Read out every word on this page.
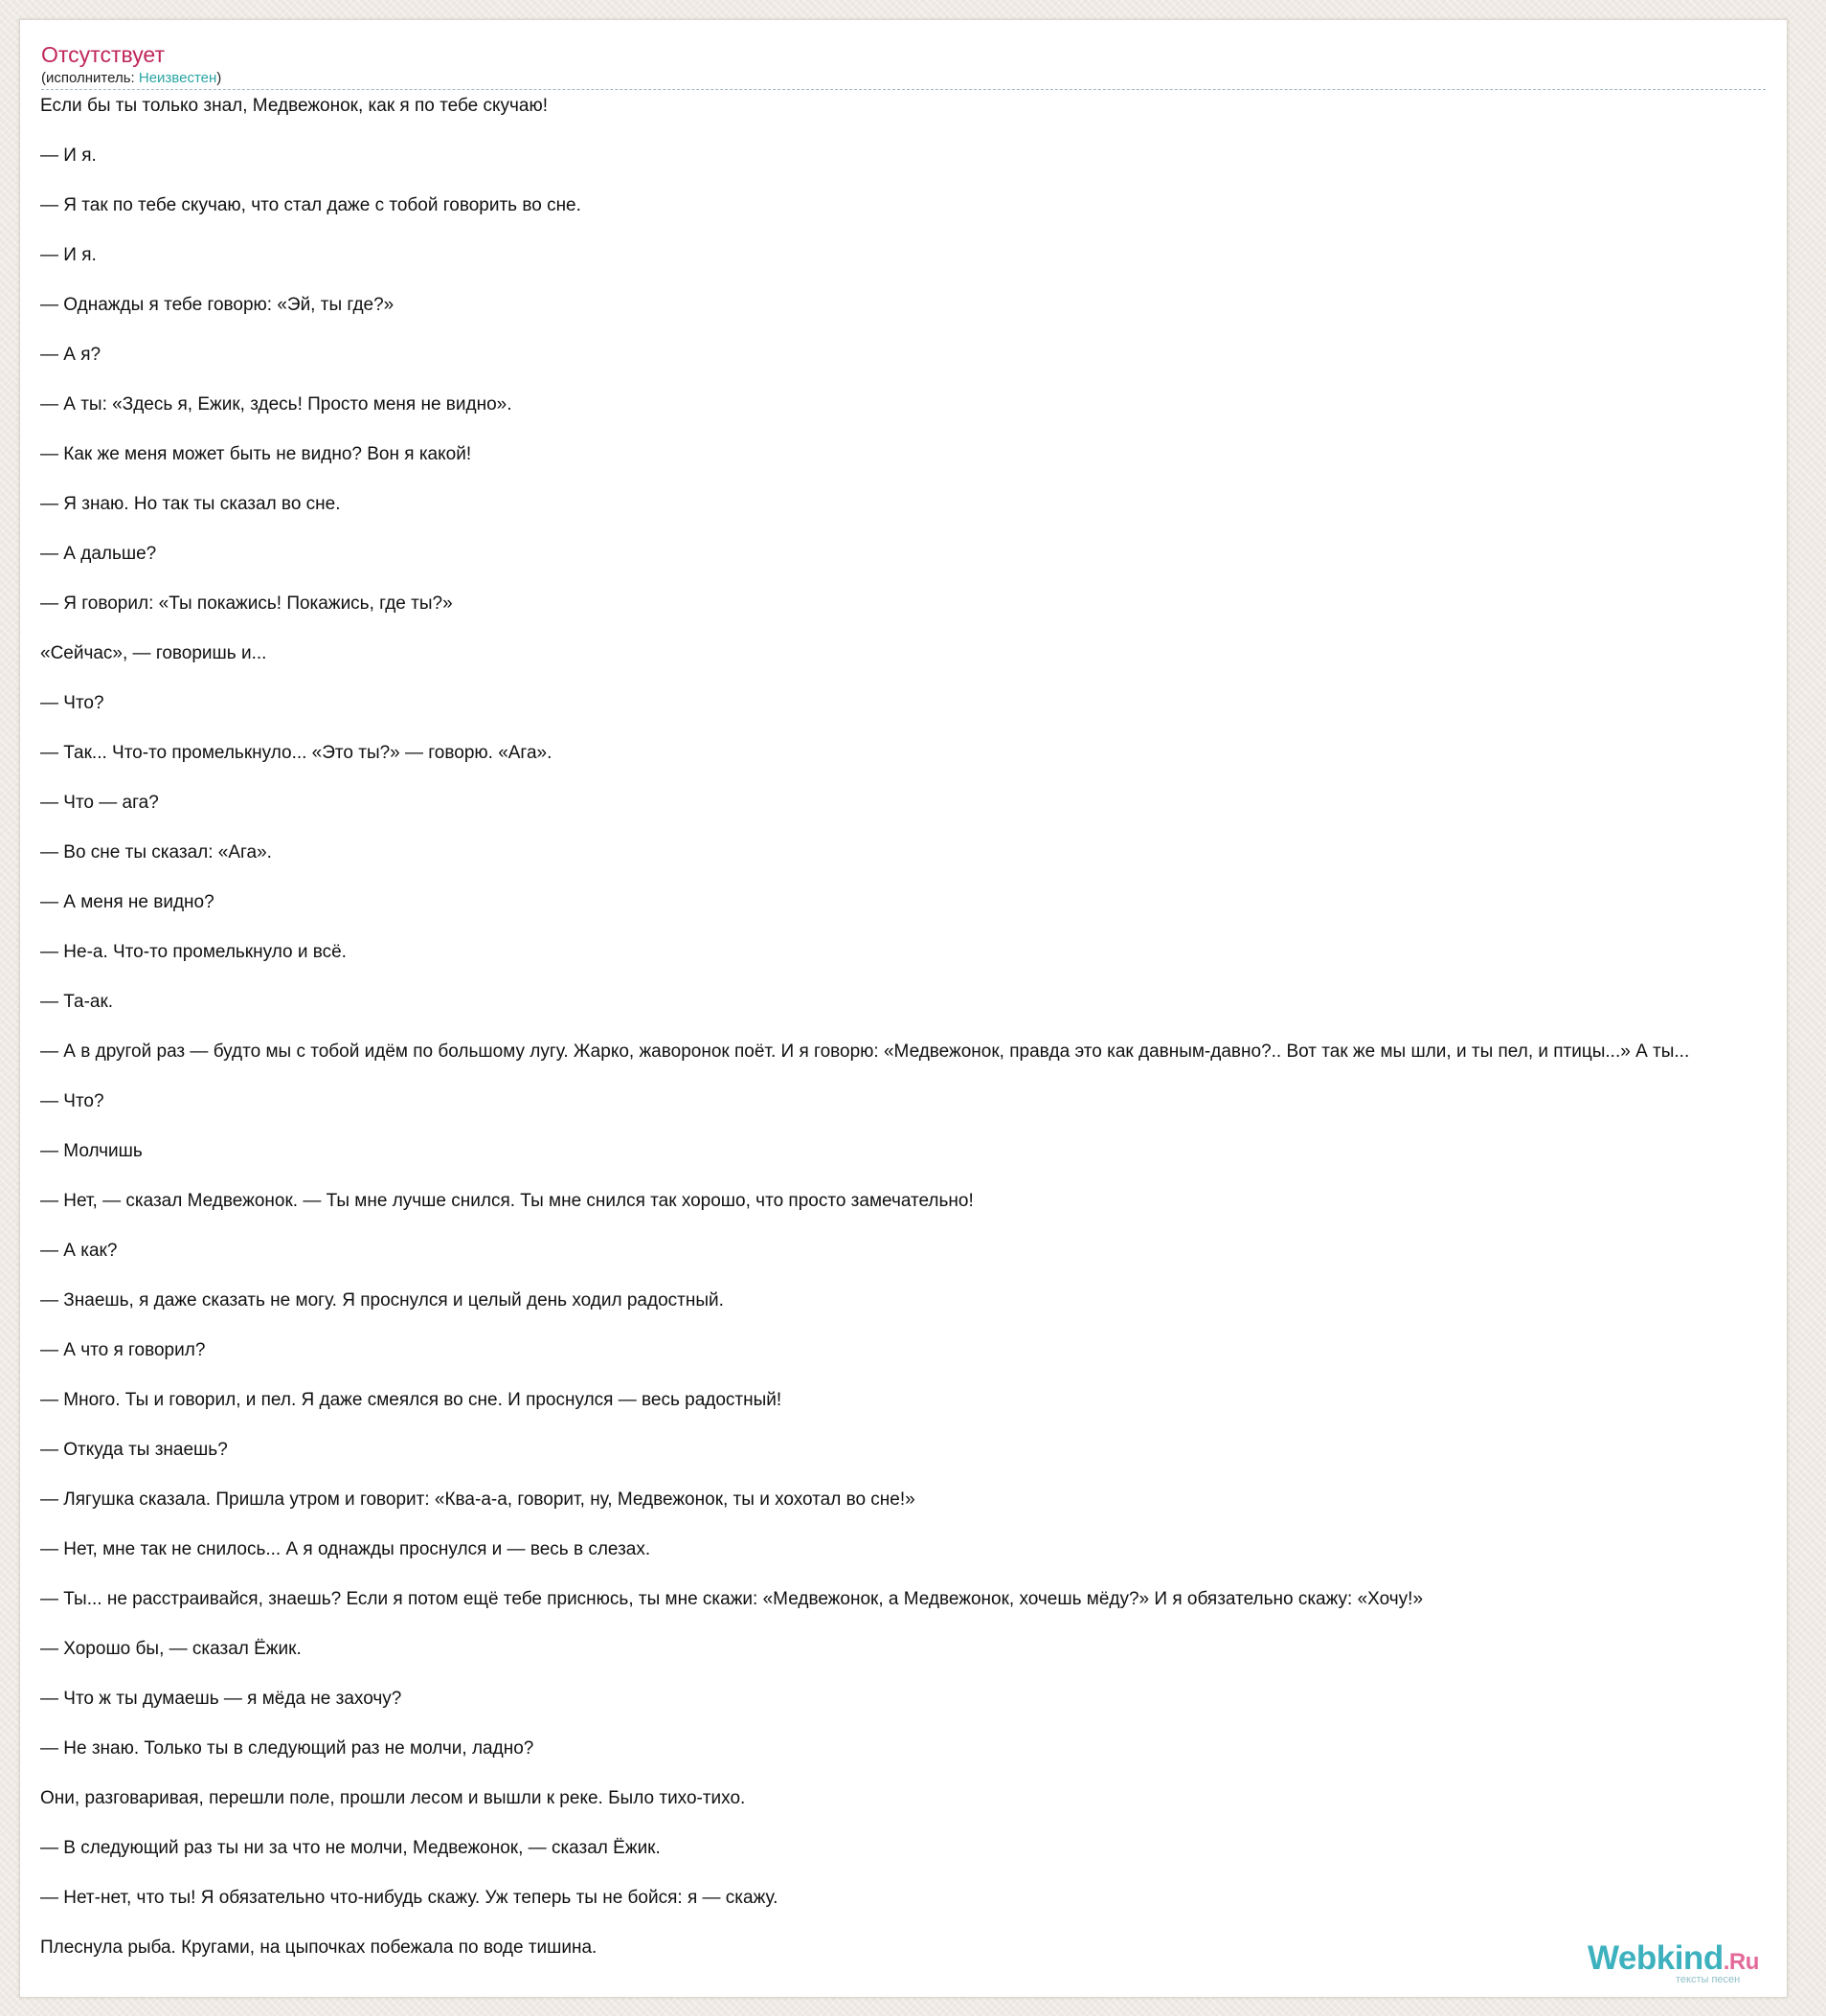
Отсутствует
(исполнитель: Неизвестен)
Если бы ты только знал, Медвежонок, как я по тебе скучаю!
— И я.
— Я так по тебе скучаю, что стал даже с тобой говорить во сне.
— И я.
— Однажды я тебе говорю: «Эй, ты где?»
— А я?
— А ты: «Здесь я, Ежик, здесь! Просто меня не видно».
— Как же меня может быть не видно? Вон я какой!
— Я знаю. Но так ты сказал во сне.
— А дальше?
— Я говорил: «Ты покажись! Покажись, где ты?»
«Сейчас», — говоришь и...
— Что?
— Так... Что-то промелькнуло... «Это ты?» — говорю. «Ага».
— Что — ага?
— Во сне ты сказал: «Ага».
— А меня не видно?
— Не-а. Что-то промелькнуло и всё.
— Та-ак.
— А в другой раз — будто мы с тобой идём по большому лугу. Жарко, жаворонок поёт. И я говорю: «Медвежонок, правда это как давным-давно?.. Вот так же мы шли, и ты пел, и птицы...» А ты...
— Что?
— Молчишь
— Нет, — сказал Медвежонок. — Ты мне лучше снился. Ты мне снился так хорошо, что просто замечательно!
— А как?
— Знаешь, я даже сказать не могу. Я проснулся и целый день ходил радостный.
— А что я говорил?
— Много. Ты и говорил, и пел. Я даже смеялся во сне. И проснулся — весь радостный!
— Откуда ты знаешь?
— Лягушка сказала. Пришла утром и говорит: «Ква-а-а, говорит, ну, Медвежонок, ты и хохотал во сне!»
— Нет, мне так не снилось... А я однажды проснулся и — весь в слезах.
— Ты... не расстраивайся, знаешь? Если я потом ещё тебе приснюсь, ты мне скажи: «Медвежонок, а Медвежонок, хочешь мёду?» И я обязательно скажу: «Хочу!»
— Хорошо бы, — сказал Ёжик.
— Что ж ты думаешь — я мёда не захочу?
— Не знаю. Только ты в следующий раз не молчи, ладно?
Они, разговаривая, перешли поле, прошли лесом и вышли к реке. Было тихо-тихо.
— В следующий раз ты ни за что не молчи, Медвежонок, — сказал Ёжик.
— Нет-нет, что ты! Я обязательно что-нибудь скажу. Уж теперь ты не бойся: я — скажу.
Плеснула рыба. Кругами, на цыпочках побежала по воде тишина.	Webkind.Ru
тексты песен
